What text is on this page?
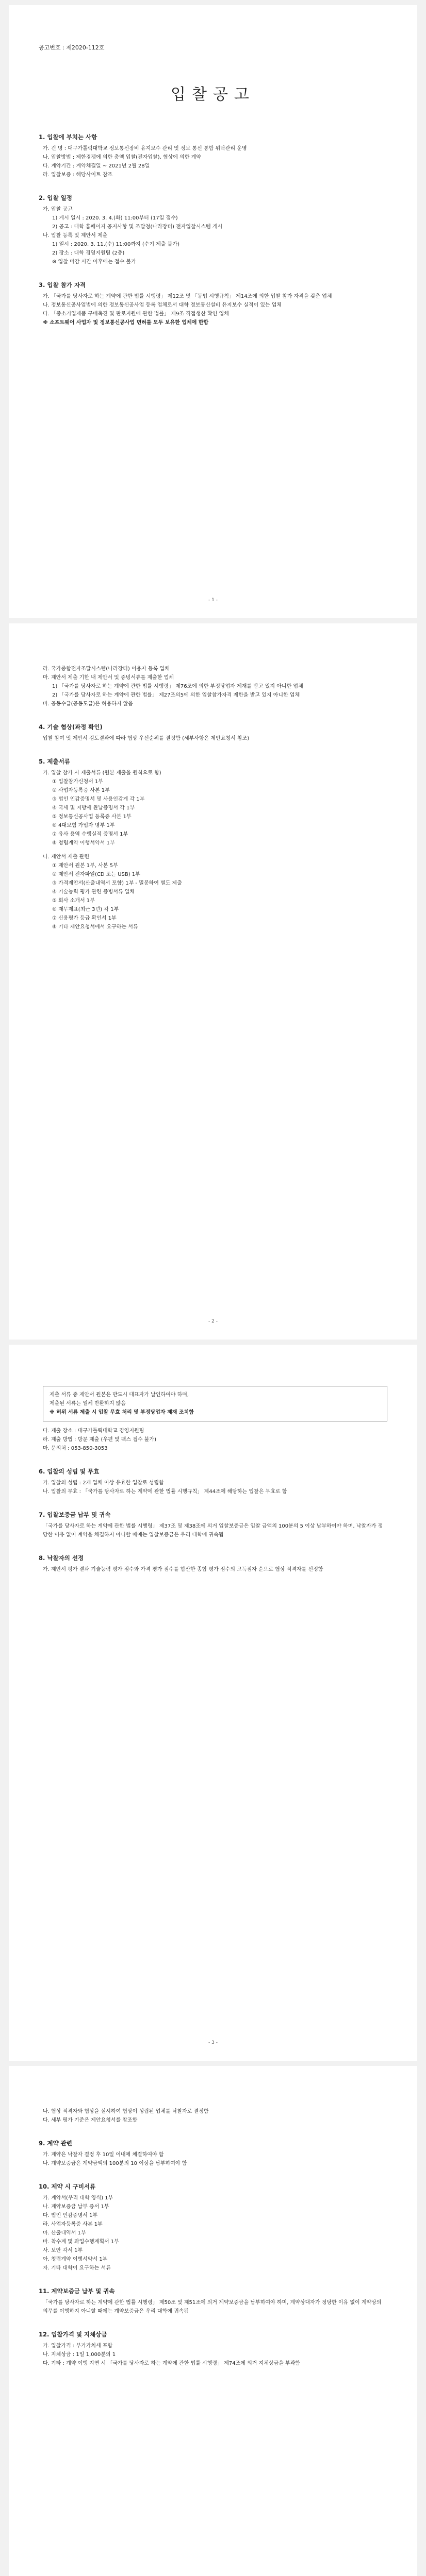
공고번호 : 제2020-112호
입찰공고
1. 입찰에 부치는 사항
가. 건 명 : 대구가톨릭대학교 정보통신장비 유지보수 관리 및 정보 통신 통합 위탁관리 운영
나. 입찰방법 : 제한경쟁에 의한 총액 입찰(전자입찰), 협상에 의한 계약
다. 계약기간 : 계약체결일 ~ 2021년 2월 28일
라. 입찰보증 : 해당사이트 참조
2. 입찰 일정
가. 입찰 공고
1) 게시 일시 : 2020. 3. 4.(화) 11:00부터 (17일 접수)
2) 공고 : 대학 홈페이지 공지사항 및 조달청(나라장터) 전자입찰시스템 게시
나. 입찰 등록 및 제안서 제출
1) 일시 : 2020. 3. 11.(수) 11:00까지 (수기 제출 불가)
2) 장소 : 대학 경영지원팀 (2층)
※ 입찰 마감 시간 이후에는 접수 불가
3. 입찰 참가 자격
가. 「국가를 당사자로 하는 계약에 관한 법률 시행령」 제12조 및 「동법 시행규칙」 제14조에 의한 입찰 참가 자격을 갖춘 업체
나. 정보통신공사업법에 의한 정보통신공사업 등록 업체로서 대학 정보통신설비 유지보수 실적이 있는 업체
다. 「중소기업제품 구매촉진 및 판로지원에 관한 법률」 제9조 직접생산 확인 업체
※ 소프트웨어 사업자 및 정보통신공사업 면허를 모두 보유한 업체에 한함
- 1 -
라. 국가종합전자조달시스템(나라장터) 이용자 등록 업체
마. 제안서 제출 기한 내 제안서 및 증빙서류를 제출한 업체
1) 「국가를 당사자로 하는 계약에 관한 법률 시행령」 제76조에 의한 부정당업자 제재를 받고 있지 아니한 업체
2) 「국가를 당사자로 하는 계약에 관한 법률」 제27조의5에 의한 입찰참가자격 제한을 받고 있지 아니한 업체
바. 공동수급(공동도급)은 허용하지 않음
4. 기술 협상(과정 확인)
입찰 참여 및 제안서 검토결과에 따라 협상 우선순위를 결정함 (세부사항은 제안요청서 참조)
5. 제출서류
가. 입찰 참가 시 제출서류 (원본 제출을 원칙으로 함)
① 입찰참가신청서 1부
② 사업자등록증 사본 1부
③ 법인 인감증명서 및 사용인감계 각 1부
④ 국세 및 지방세 완납증명서 각 1부
⑤ 정보통신공사업 등록증 사본 1부
⑥ 4대보험 가입자 명부 1부
⑦ 유사 용역 수행실적 증명서 1부
⑧ 청렴계약 이행서약서 1부
나. 제안서 제출 관련
① 제안서 원본 1부, 사본 5부
② 제안서 전자파일(CD 또는 USB) 1부
③ 가격제안서(산출내역서 포함) 1부 - 밀봉하여 별도 제출
④ 기술능력 평가 관련 증빙서류 일체
⑤ 회사 소개서 1부
⑥ 재무제표(최근 3년) 각 1부
⑦ 신용평가 등급 확인서 1부
⑧ 기타 제안요청서에서 요구하는 서류
- 2 -
제출 서류 중 제안서 원본은 반드시 대표자가 날인하여야 하며,
제출된 서류는 일체 반환하지 않음
※ 허위 서류 제출 시 입찰 무효 처리 및 부정당업자 제재 조치함
다. 제출 장소 : 대구가톨릭대학교 경영지원팀
라. 제출 방법 : 방문 제출 (우편 및 팩스 접수 불가)
마. 문의처 : 053-850-3053
6. 입찰의 성립 및 무효
가. 입찰의 성립 : 2개 업체 이상 유효한 입찰로 성립함
나. 입찰의 무효 : 「국가를 당사자로 하는 계약에 관한 법률 시행규칙」 제44조에 해당하는 입찰은 무효로 함
7. 입찰보증금 납부 및 귀속
「국가를 당사자로 하는 계약에 관한 법률 시행령」 제37조 및 제38조에 의거 입찰보증금은 입찰 금액의 100분의 5 이상 납부하여야 하며, 낙찰자가 정당한 이유 없이 계약을 체결하지 아니할 때에는 입찰보증금은 우리 대학에 귀속됨
8. 낙찰자의 선정
가. 제안서 평가 결과 기술능력 평가 점수와 가격 평가 점수를 합산한 종합 평가 점수의 고득점자 순으로 협상 적격자를 선정함
- 3 -
나. 협상 적격자와 협상을 실시하여 협상이 성립된 업체를 낙찰자로 결정함
다. 세부 평가 기준은 제안요청서를 참조함
9. 계약 관련
가. 계약은 낙찰자 결정 후 10일 이내에 체결하여야 함
나. 계약보증금은 계약금액의 100분의 10 이상을 납부하여야 함
10. 제약 시 구비서류
가. 계약서(우리 대학 양식) 1부
나. 계약보증금 납부 증서 1부
다. 법인 인감증명서 1부
라. 사업자등록증 사본 1부
마. 산출내역서 1부
바. 착수계 및 과업수행계획서 1부
사. 보안 각서 1부
아. 청렴계약 이행서약서 1부
자. 기타 대학이 요구하는 서류
11. 계약보증금 납부 및 귀속
「국가를 당사자로 하는 계약에 관한 법률 시행령」 제50조 및 제51조에 의거 계약보증금을 납부하여야 하며, 계약상대자가 정당한 이유 없이 계약상의 의무를 이행하지 아니할 때에는 계약보증금은 우리 대학에 귀속됨
12. 입찰가격 및 지체상금
가. 입찰가격 : 부가가치세 포함
나. 지체상금 : 1일 1,000분의 1
다. 기타 : 계약 이행 지연 시 「국가를 당사자로 하는 계약에 관한 법률 시행령」 제74조에 의거 지체상금을 부과함
